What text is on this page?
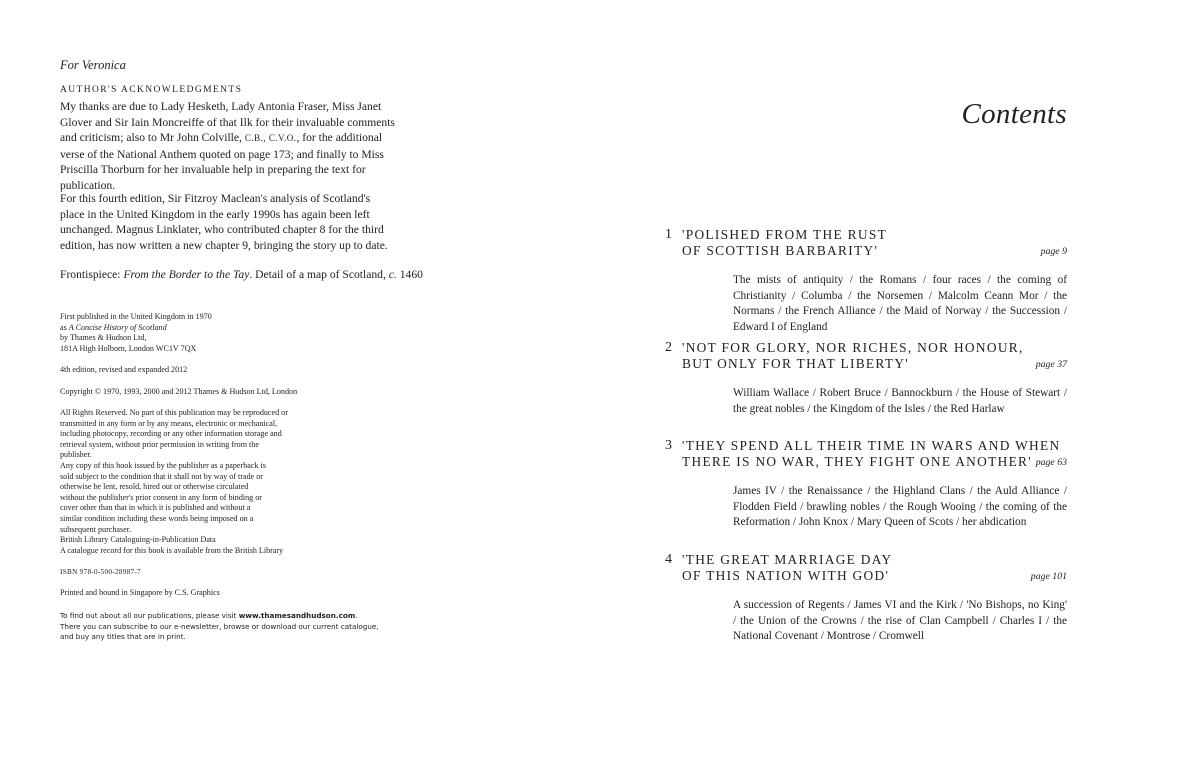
For Veronica
AUTHOR'S ACKNOWLEDGMENTS

My thanks are due to Lady Hesketh, Lady Antonia Fraser, Miss Janet Glover and Sir Iain Moncreiffe of that Ilk for their invaluable comments and criticism; also to Mr John Colville, C.B., C.V.O., for the additional verse of the National Anthem quoted on page 173; and finally to Miss Priscilla Thorburn for her invaluable help in preparing the text for publication.

For this fourth edition, Sir Fitzroy Maclean's analysis of Scotland's place in the United Kingdom in the early 1990s has again been left unchanged. Magnus Linklater, who contributed chapter 8 for the third edition, has now written a new chapter 9, bringing the story up to date.

Frontispiece: From the Border to the Tay. Detail of a map of Scotland, c. 1460

First published in the United Kingdom in 1970
as A Concise History of Scotland
by Thames & Hudson Ltd,
181A High Holborn, London WC1V 7QX

4th edition, revised and expanded 2012

Copyright © 1970, 1993, 2000 and 2012 Thames & Hudson Ltd, London

All Rights Reserved. No part of this publication may be reproduced or transmitted in any form or by any means, electronic or mechanical, including photocopy, recording or any other information storage and retrieval system, without prior permission in writing from the publisher.

Any copy of this book issued by the publisher as a paperback is sold subject to the condition that it shall not by way of trade or otherwise be lent, resold, hired out or otherwise circulated without the publisher's prior consent in any form of binding or cover other than that in which it is published and without a similar condition including these words being imposed on a subsequent purchaser.

British Library Cataloguing-in-Publication Data
A catalogue record for this book is available from the British Library

ISBN 978-0-500-28987-7

Printed and bound in Singapore by C.S. Graphics

To find out about all our publications, please visit www.thamesandhudson.com.
There you can subscribe to our e-newsletter, browse or download our current catalogue,
and buy any titles that are in print.

Contents
1 'POLISHED FROM THE RUST
OF SCOTTISH BARBARITY'	page 9

The mists of antiquity / the Romans / four races / the coming of Christianity / Columba / the Norsemen / Malcolm Ceann Mor / the Normans / the French Alliance / the Maid of Norway / the Succession / Edward I of England

2 'NOT FOR GLORY, NOR RICHES, NOR HONOUR,
BUT ONLY FOR THAT LIBERTY'	page 37

William Wallace / Robert Bruce / Bannockburn / the House of Stewart / the great nobles / the Kingdom of the Isles / the Red Harlaw

3 'THEY SPEND ALL THEIR TIME IN WARS AND WHEN
THERE IS NO WAR, THEY FIGHT ONE ANOTHER' page 63

James IV / the Renaissance / the Highland Clans / the Auld Alliance / Flodden Field / brawling nobles / the Rough Wooing / the coming of the Reformation / John Knox / Mary Queen of Scots / her abdication

4 'THE GREAT MARRIAGE DAY
OF THIS NATION WITH GOD'	page 101

A succession of Regents / James VI and the Kirk / 'No Bishops, no King' / the Union of the Crowns / the rise of Clan Campbell / Charles I / the National Covenant / Montrose / Cromwell
